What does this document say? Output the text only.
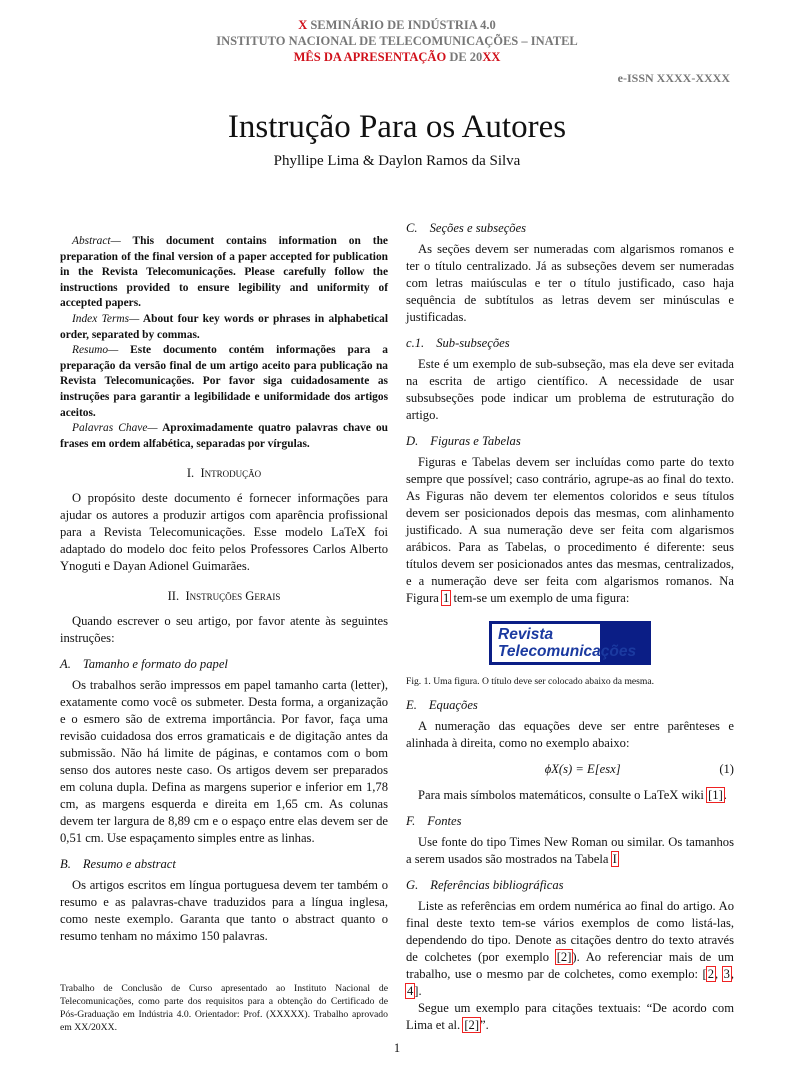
X SEMINÁRIO DE INDÚSTRIA 4.0
INSTITUTO NACIONAL DE TELECOMUNICAÇÕES – INATEL
MÊS DA APRESENTAÇÃO DE 20XX
e-ISSN XXXX-XXXX
Instrução Para os Autores
Phyllipe Lima & Daylon Ramos da Silva

Abstract— This document contains information on the preparation of the final version of a paper accepted for publication in the Revista Telecomunicações. Please carefully follow the instructions provided to ensure legibility and uniformity of accepted papers.

Index Terms— About four key words or phrases in alphabetical order, separated by commas.

Resumo— Este documento contém informações para a preparação da versão final de um artigo aceito para publicação na Revista Telecomunicações. Por favor siga cuidadosamente as instruções para garantir a legibilidade e uniformidade dos artigos aceitos.

Palavras Chave— Aproximadamente quatro palavras chave ou frases em ordem alfabética, separadas por vírgulas.

I. Introdução

O propósito deste documento é fornecer informações para ajudar os autores a produzir artigos com aparência profissional para a Revista Telecomunicações. Esse modelo LaTeX foi adaptado do modelo doc feito pelos Professores Carlos Alberto Ynoguti e Dayan Adionel Guimarães.

II. Instruções Gerais

Quando escrever o seu artigo, por favor atente às seguintes instruções:

A. Tamanho e formato do papel

Os trabalhos serão impressos em papel tamanho carta (letter), exatamente como você os submeter. Desta forma, a organização e o esmero são de extrema importância. Por favor, faça uma revisão cuidadosa dos erros gramaticais e de digitação antes da submissão. Não há limite de páginas, e contamos com o bom senso dos autores neste caso. Os artigos devem ser preparados em coluna dupla. Defina as margens superior e inferior em 1,78 cm, as margens esquerda e direita em 1,65 cm. As colunas devem ter largura de 8,89 cm e o espaço entre elas devem ser de 0,51 cm. Use espaçamento simples entre as linhas.

B. Resumo e abstract

Os artigos escritos em língua portuguesa devem ter também o resumo e as palavras-chave traduzidos para a língua inglesa, como neste exemplo. Garanta que tanto o abstract quanto o resumo tenham no máximo 150 palavras.

Trabalho de Conclusão de Curso apresentado ao Instituto Nacional de Telecomunicações, como parte dos requisitos para a obtenção do Certificado de Pós-Graduação em Indústria 4.0. Orientador: Prof. (XXXXX). Trabalho aprovado em XX/20XX.
C. Seções e subseções

As seções devem ser numeradas com algarismos romanos e ter o título centralizado. Já as subseções devem ser numeradas com letras maiúsculas e ter o título justificado, caso haja sequência de subtítulos as letras devem ser minúsculas e justificadas.

c.1. Sub-subseções

Este é um exemplo de sub-subseção, mas ela deve ser evitada na escrita de artigo científico. A necessidade de usar subsubseções pode indicar um problema de estruturação do artigo.

D. Figuras e Tabelas

Figuras e Tabelas devem ser incluídas como parte do texto sempre que possível; caso contrário, agrupe-as ao final do texto. As Figuras não devem ter elementos coloridos e seus títulos devem ser posicionados depois das mesmas, com alinhamento justificado. A sua numeração deve ser feita com algarismos arábicos. Para as Tabelas, o procedimento é diferente: seus títulos devem ser posicionados antes das mesmas, centralizados, e a numeração deve ser feita com algarismos romanos. Na Figura 1 tem-se um exemplo de uma figura:

Revista
Telecomunicações

Fig. 1. Uma figura. O título deve ser colocado abaixo da mesma.

E. Equações

A numeração das equações deve ser entre parênteses e alinhada à direita, como no exemplo abaixo:

ϕX(s) = E[esx]	(1)

Para mais símbolos matemáticos, consulte o LaTeX wiki [1].

F. Fontes

Use fonte do tipo Times New Roman ou similar. Os tamanhos a serem usados são mostrados na Tabela I

G. Referências bibliográficas

Liste as referências em ordem numérica ao final do artigo. Ao final deste texto tem-se vários exemplos de como listá-las, dependendo do tipo. Denote as citações dentro do texto através de colchetes (por exemplo [2]). Ao referenciar mais de um trabalho, use o mesmo par de colchetes, como exemplo: [2, 3, 4].

Segue um exemplo para citações textuais: “De acordo com Lima et al. [2]”.

1
